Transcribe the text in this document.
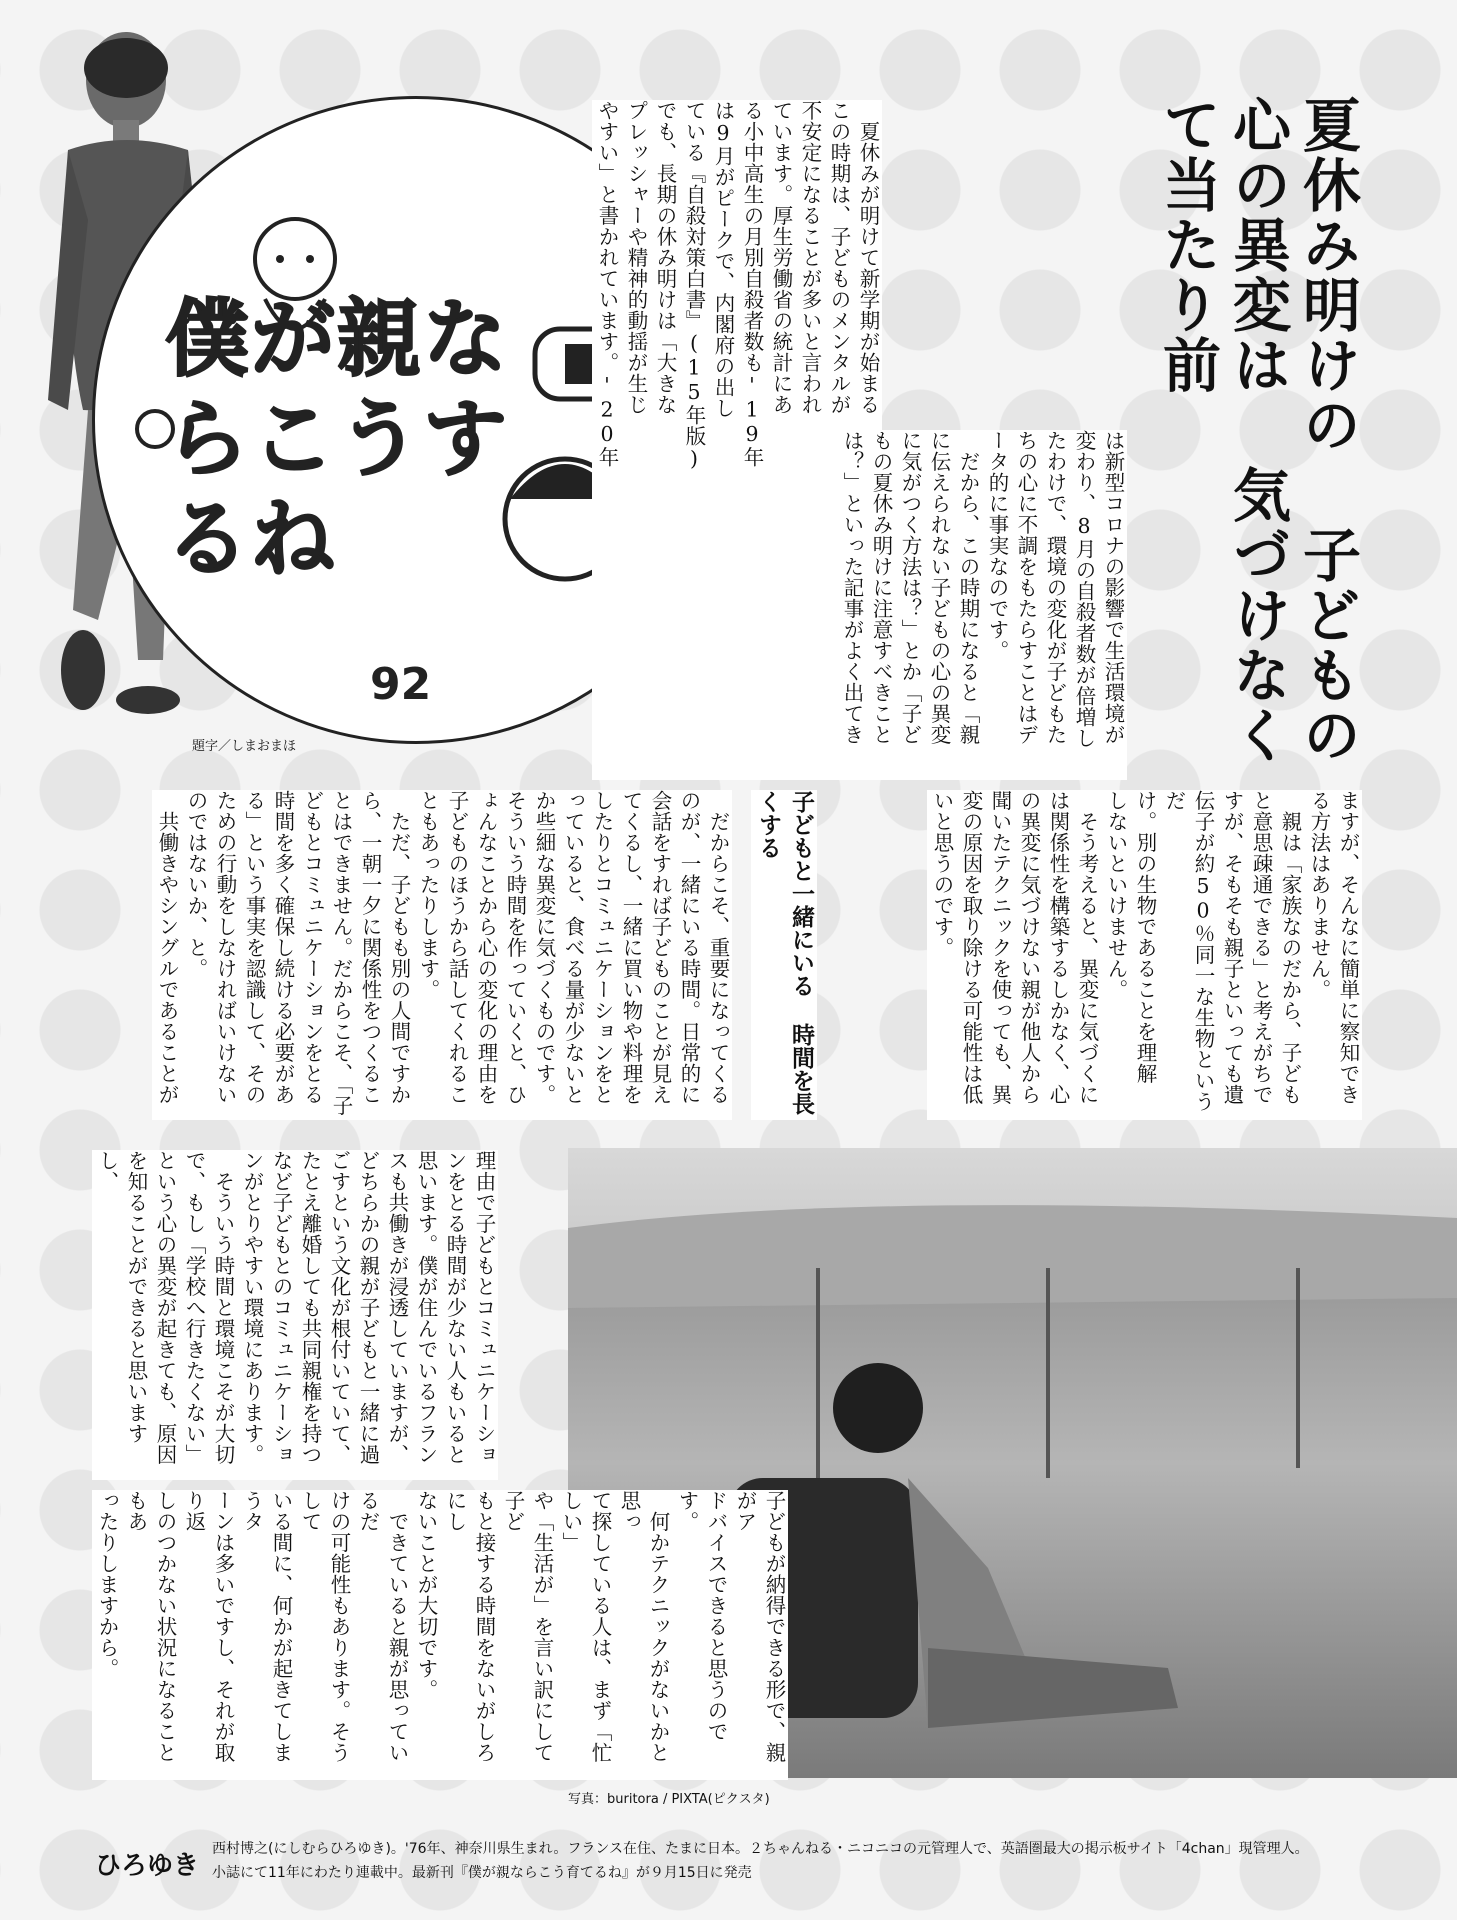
僕が親ならこうするね
92
題字／しまおまほ	夏休み明けの 子どもの心の異変は 気づけなくて当たり前
　夏休みが明けて新学期が始まる
この時期は、子どものメンタルが
不安定になることが多いと言われ
ています。厚生労働省の統計にあ
る小中高生の月別自殺者数も'19年
は9月がピークで、内閣府の出し
ている『自殺対策白書』(15年版)
でも、長期の休み明けは「大きな
プレッシャーや精神的動揺が生じ
やすい」と書かれています。'20年
は新型コロナの影響で生活環境が
変わり、8月の自殺者数が倍増し
たわけで、環境の変化が子どもた
ちの心に不調をもたらすことはデ
ータ的に事実なのです。
　だから、この時期になると「親
に伝えられない子どもの心の異変
に気がつく方法は？」とか「子ど
もの夏休み明けに注意すべきこと
は？」といった記事がよく出てき
ますが、そんなに簡単に察知でき
る方法はありません。
　親は「家族なのだから、子ども
と意思疎通できる」と考えがちで
すが、そもそも親子といっても遺
伝子が約50％同一な生物というだ
け。別の生物であることを理解
しないといけません。
　そう考えると、異変に気づくに
は関係性を構築するしかなく、心
の異変に気づけない親が他人から
聞いたテクニックを使っても、異
変の原因を取り除ける可能性は低
いと思うのです。
子どもと一緒にいる 時間を長くする
　だからこそ、重要になってくる
のが、一緒にいる時間。日常的に
会話をすれば子どものことが見え
てくるし、一緒に買い物や料理を
したりとコミュニケーションをと
っていると、食べる量が少ないと
か些細な異変に気づくものです。
そういう時間を作っていくと、ひ
ょんなことから心の変化の理由を
子どものほうから話してくれるこ
ともあったりします。
　ただ、子どもも別の人間ですか
ら、一朝一夕に関係性をつくるこ
とはできません。だからこそ、「子
どもとコミュニケーションをとる
時間を多く確保し続ける必要があ
る」という事実を認識して、その
ための行動をしなければいけない
のではないか、と。
　共働きやシングルであることが
写真：buritora / PIXTA(ピクスタ)
理由で子どもとコミュニケーショ
ンをとる時間が少ない人もいると
思います。僕が住んでいるフラン
スも共働きが浸透していますが、
どちらかの親が子どもと一緒に過
ごすという文化が根付いていて、
たとえ離婚しても共同親権を持つ
など子どもとのコミュニケーショ
ンがとりやすい環境にあります。
　そういう時間と環境こそが大切
で、もし「学校へ行きたくない」
という心の異変が起きても、原因
を知ることができると思いますし、
子どもが納得できる形で、親がア
ドバイスできると思うのです。
　何かテクニックがないかと思っ
て探している人は、まず「忙しい」
や「生活が」を言い訳にして子ど
もと接する時間をないがしろにし
ないことが大切です。
　できていると親が思っているだ
けの可能性もあります。そうして
いる間に、何かが起きてしまうタ
ーンは多いですし、それが取り返
しのつかない状況になることもあ
ったりしますから。
ひろゆき
西村博之(にしむらひろゆき)。'76年、神奈川県生まれ。フランス在住、たまに日本。２ちゃんねる・ニコニコの元管理人で、英語圏最大の掲示板サイト「4chan」現管理人。
小誌にて11年にわたり連載中。最新刊『僕が親ならこう育てるね』が９月15日に発売
